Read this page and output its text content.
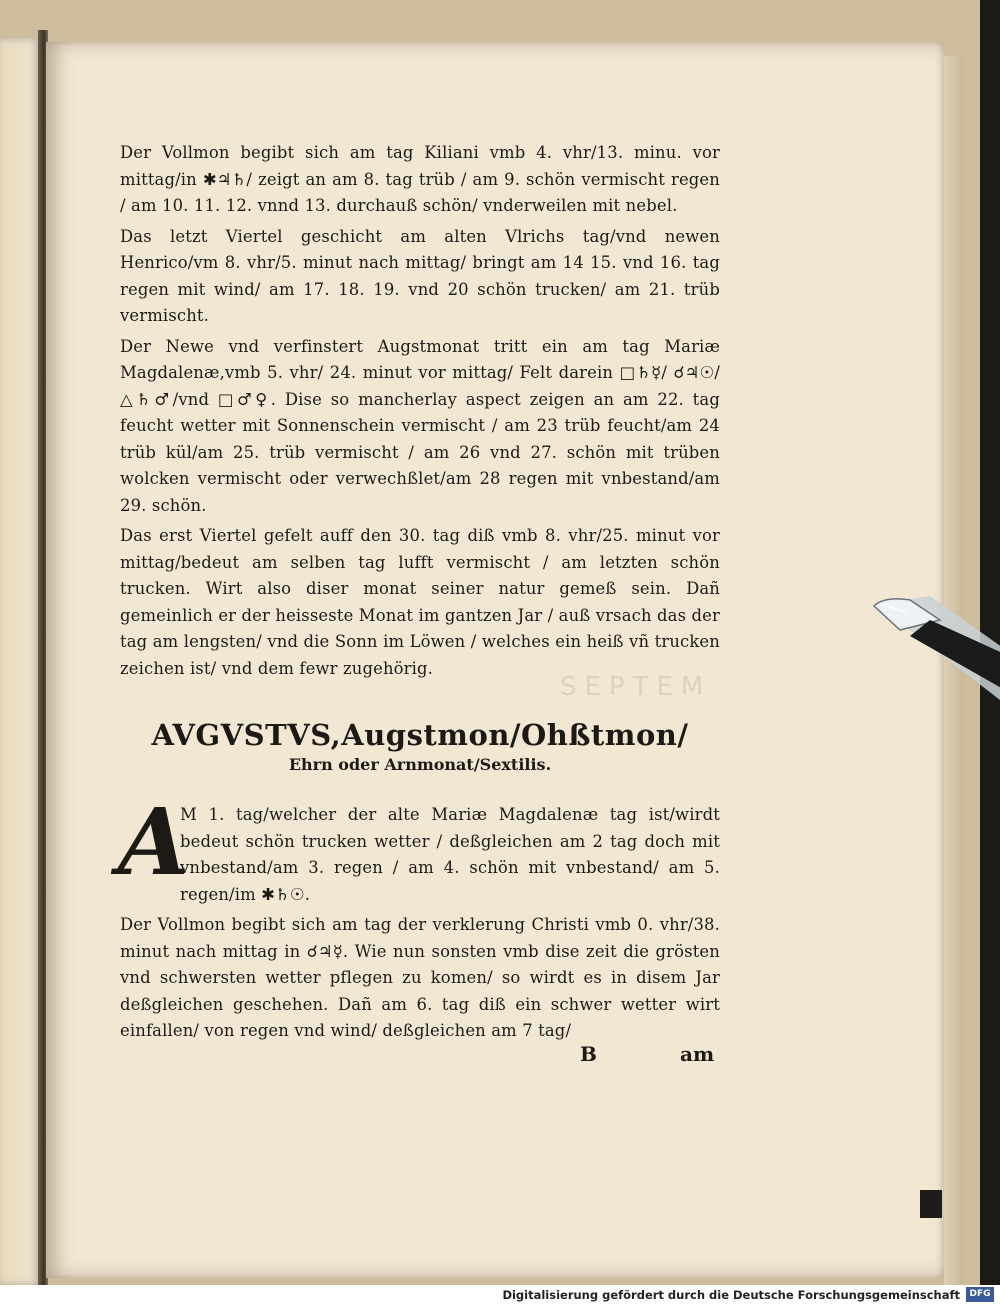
SEPTEM

Der Vollmon begibt sich am tag Kiliani vmb 4. vhr/13. minu. vor mittag/in ✱♃♄/ zeigt an am 8. tag trüb / am 9. schön vermischt regen / am 10. 11. 12. vnnd 13. durchauß schön/ vnderweilen mit nebel.

Das letzt Viertel geschicht am alten Vlrichs tag/vnd newen Henrico/vm 8. vhr/5. minut nach mittag/ bringt am 14 15. vnd 16. tag regen mit wind/ am 17. 18. 19. vnd 20 schön trucken/ am 21. trüb vermischt.

Der Newe vnd verfinstert Augstmonat tritt ein am tag Mariæ Magdalenæ,vmb 5. vhr/ 24. minut vor mittag/ Felt darein □♄☿/ ☌♃☉/△♄♂/vnd □♂♀. Dise so mancherlay aspect zeigen an am 22. tag feucht wetter mit Sonnenschein vermischt / am 23 trüb feucht/am 24 trüb kül/am 25. trüb vermischt / am 26 vnd 27. schön mit trüben wolcken vermischt oder verwechßlet/am 28 regen mit vnbestand/am 29. schön.

Das erst Viertel gefelt auff den 30. tag diß vmb 8. vhr/25. minut vor mittag/bedeut am selben tag lufft vermischt / am letzten schön trucken. Wirt also diser monat seiner natur gemeß sein. Dañ gemeinlich er der heisseste Monat im gantzen Jar / auß vrsach das der tag am lengsten/ vnd die Sonn im Löwen / welches ein heiß vñ trucken zeichen ist/ vnd dem fewr zugehörig.

AVGVSTVS,Augstmon/Ohßtmon/
Ehrn oder Arnmonat/Sextilis.
A

M 1. tag/welcher der alte Mariæ Magdalenæ tag ist/wirdt bedeut schön trucken wetter / deßgleichen am 2 tag doch mit vnbestand/am 3. regen / am 4. schön mit vnbestand/ am 5. regen/im ✱♄☉.

Der Vollmon begibt sich am tag der verklerung Christi vmb 0. vhr/38. minut nach mittag in ☌♃☿. Wie nun sonsten vmb dise zeit die grösten vnd schwersten wetter pflegen zu komen/ so wirdt es in disem Jar deßgleichen geschehen. Dañ am 6. tag diß ein schwer wetter wirt einfallen/ von regen vnd wind/ deßgleichen am 7 tag/

B	am
Digitalisierung gefördert durch die Deutsche Forschungsgemeinschaft	DFG
